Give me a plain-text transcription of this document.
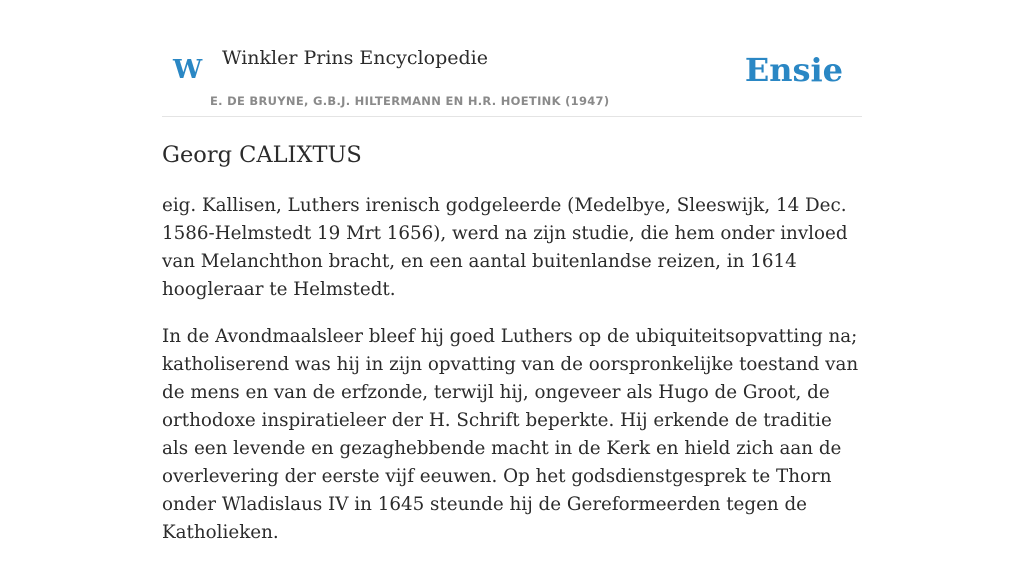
W Winkler Prins Encyclopedie
E. DE BRUYNE, G.B.J. HILTERMANN EN H.R. HOETINK (1947)
Ensie
Georg CALIXTUS

eig. Kallisen, Luthers irenisch godgeleerde (Medelbye, Sleeswijk, 14 Dec. 1586-Helmstedt 19 Mrt 1656), werd na zijn studie, die hem onder invloed van Melanchthon bracht, en een aantal buitenlandse reizen, in 1614 hoogleraar te Helmstedt.

In de Avondmaalsleer bleef hij goed Luthers op de ubiquiteitsopvatting na; katholiserend was hij in zijn opvatting van de oorspronkelijke toestand van de mens en van de erfzonde, terwijl hij, ongeveer als Hugo de Groot, de orthodoxe inspiratieleer der H. Schrift beperkte. Hij erkende de traditie als een levende en gezaghebbende macht in de Kerk en hield zich aan de overlevering der eerste vijf eeuwen. Op het godsdienstgesprek te Thorn onder Wladislaus IV in 1645 steunde hij de Gereformeerden tegen de Katholieken.
